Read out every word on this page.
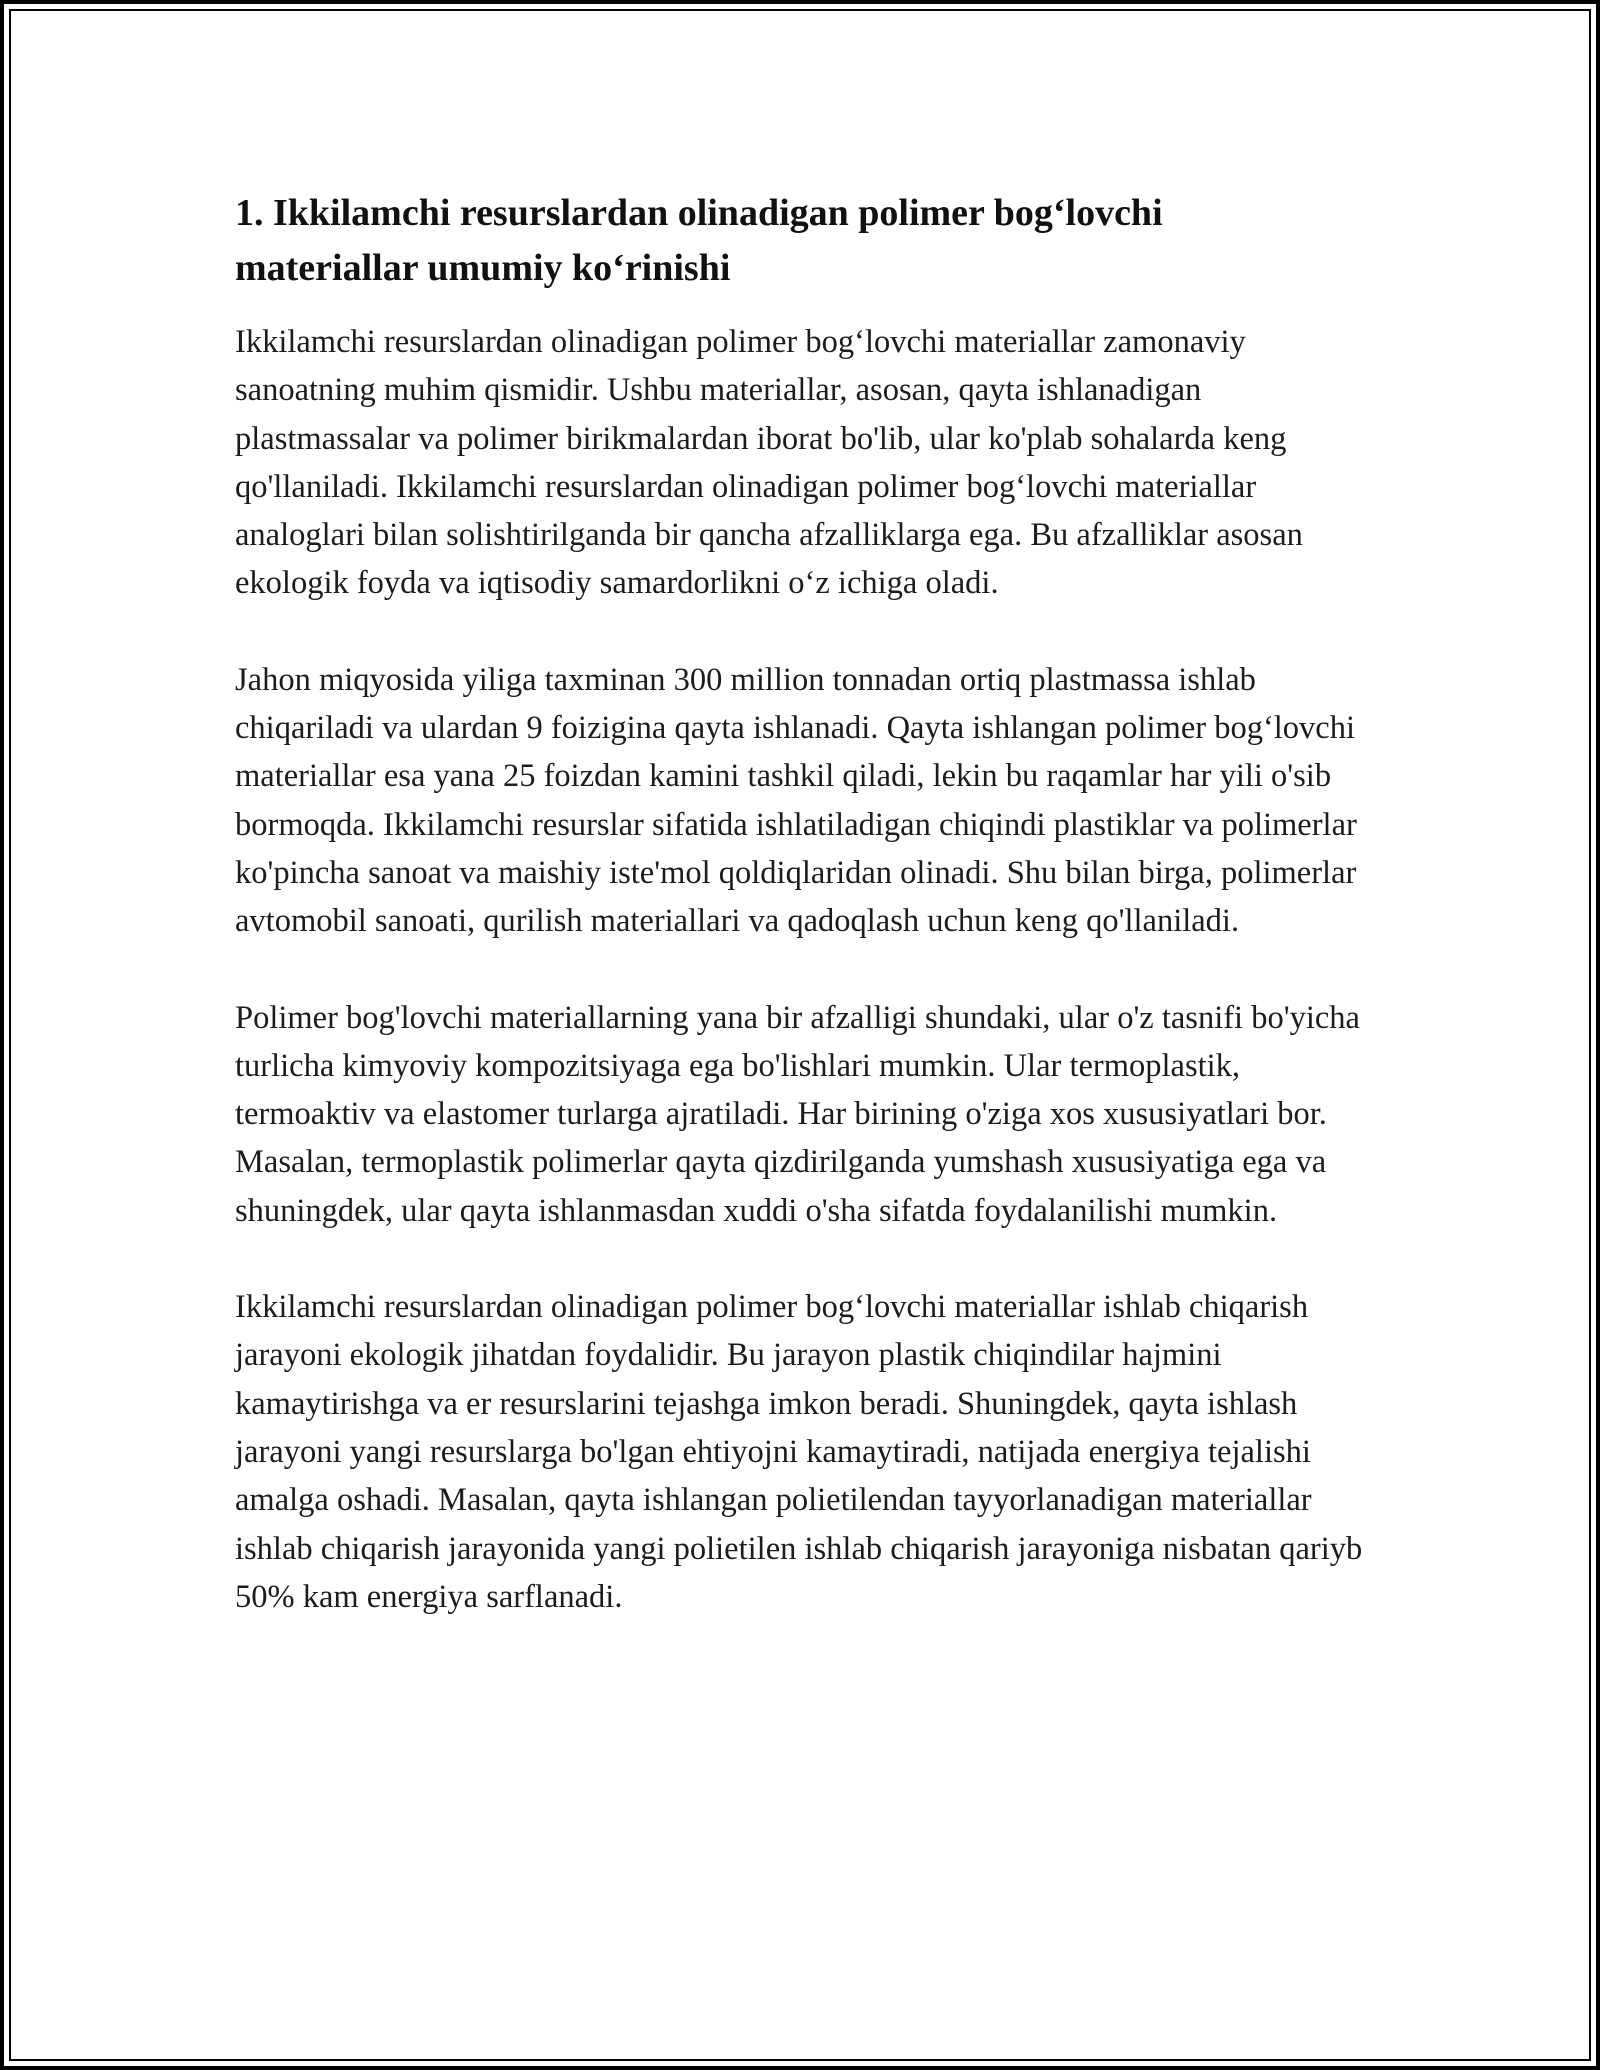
1. Ikkilamchi resurslardan olinadigan polimer bog‘lovchi
materiallar umumiy ko‘rinishi

Ikkilamchi resurslardan olinadigan polimer bog‘lovchi materiallar zamonaviy sanoatning muhim qismidir. Ushbu materiallar, asosan, qayta ishlanadigan plastmassalar va polimer birikmalardan iborat bo'lib, ular ko'plab sohalarda keng qo'llaniladi. Ikkilamchi resurslardan olinadigan polimer bog‘lovchi materiallar analoglari bilan solishtirilganda bir qancha afzalliklarga ega. Bu afzalliklar asosan ekologik foyda va iqtisodiy samardorlikni o‘z ichiga oladi.

Jahon miqyosida yiliga taxminan 300 million tonnadan ortiq plastmassa ishlab chiqariladi va ulardan 9 foizigina qayta ishlanadi. Qayta ishlangan polimer bog‘lovchi materiallar esa yana 25 foizdan kamini tashkil qiladi, lekin bu raqamlar har yili o'sib bormoqda. Ikkilamchi resurslar sifatida ishlatiladigan chiqindi plastiklar va polimerlar ko'pincha sanoat va maishiy iste'mol qoldiqlaridan olinadi. Shu bilan birga, polimerlar avtomobil sanoati, qurilish materiallari va qadoqlash uchun keng qo'llaniladi.

Polimer bog'lovchi materiallarning yana bir afzalligi shundaki, ular o'z tasnifi bo'yicha turlicha kimyoviy kompozitsiyaga ega bo'lishlari mumkin. Ular termoplastik, termoaktiv va elastomer turlarga ajratiladi. Har birining o'ziga xos xususiyatlari bor. Masalan, termoplastik polimerlar qayta qizdirilganda yumshash xususiyatiga ega va shuningdek, ular qayta ishlanmasdan xuddi o'sha sifatda foydalanilishi mumkin.

Ikkilamchi resurslardan olinadigan polimer bog‘lovchi materiallar ishlab chiqarish jarayoni ekologik jihatdan foydalidir. Bu jarayon plastik chiqindilar hajmini kamaytirishga va er resurslarini tejashga imkon beradi. Shuningdek, qayta ishlash jarayoni yangi resurslarga bo'lgan ehtiyojni kamaytiradi, natijada energiya tejalishi amalga oshadi. Masalan, qayta ishlangan polietilendan tayyorlanadigan materiallar ishlab chiqarish jarayonida yangi polietilen ishlab chiqarish jarayoniga nisbatan qariyb 50% kam energiya sarflanadi.
